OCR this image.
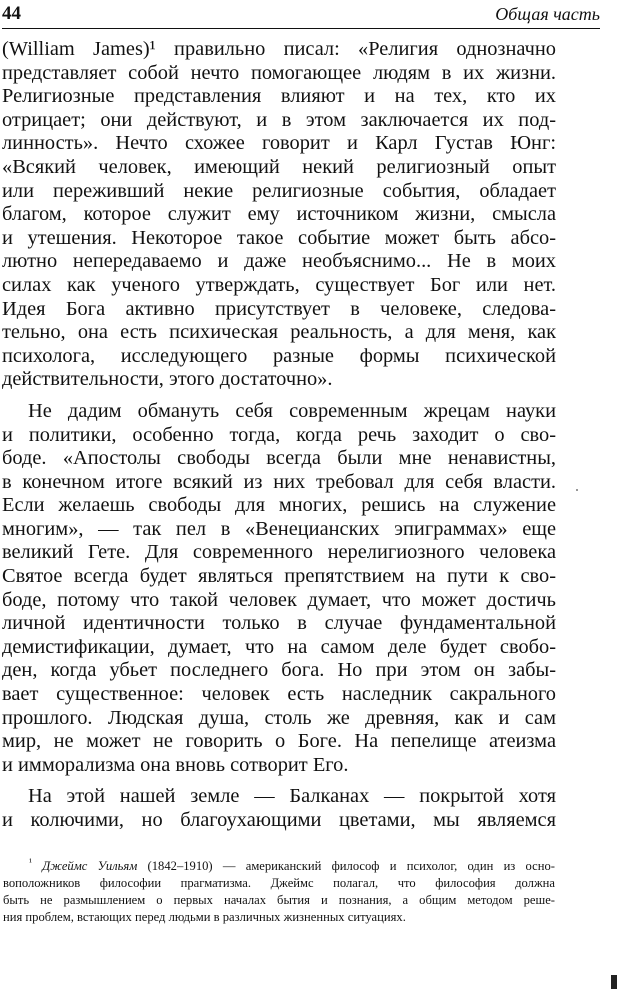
44	Общая часть
(William James)¹ правильно писал: «Религия однозначно
представляет собой нечто помогающее людям в их жизни.
Религиозные представления влияют и на тех, кто их
отрицает; они действуют, и в этом заключается их под-
линность». Нечто схожее говорит и Карл Густав Юнг:
«Всякий человек, имеющий некий религиозный опыт
или переживший некие религиозные события, обладает
благом, которое служит ему источником жизни, смысла
и утешения. Некоторое такое событие может быть абсо-
лютно непередаваемо и даже необъяснимо... Не в моих
силах как ученого утверждать, существует Бог или нет.
Идея Бога активно присутствует в человеке, следова-
тельно, она есть психическая реальность, а для меня, как
психолога, исследующего разные формы психической
действительности, этого достаточно».
Не дадим обмануть себя современным жрецам науки
и политики, особенно тогда, когда речь заходит о сво-
боде. «Апостолы свободы всегда были мне ненавистны,
в конечном итоге всякий из них требовал для себя власти.
Если желаешь свободы для многих, решись на служение
многим», — так пел в «Венецианских эпиграммах» еще
великий Гете. Для современного нерелигиозного человека
Святое всегда будет являться препятствием на пути к сво-
боде, потому что такой человек думает, что может достичь
личной идентичности только в случае фундаментальной
демистификации, думает, что на самом деле будет свобо-
ден, когда убьет последнего бога. Но при этом он забы-
вает существенное: человек есть наследник сакрального
прошлого. Людская душа, столь же древняя, как и сам
мир, не может не говорить о Боге. На пепелище атеизма
и имморализма она вновь сотворит Его.
На этой нашей земле — Балканах — покрытой хотя
и колючими, но благоухающими цветами, мы являемся
$^{^1}$ Джеймс Уильям (1842–1910) — американский философ и психолог, один из осно-
воположников философии прагматизма. Джеймс полагал, что философия должна
быть не размышлением о первых началах бытия и познания, а общим методом реше-
ния проблем, встающих перед людьми в различных жизненных ситуациях.
